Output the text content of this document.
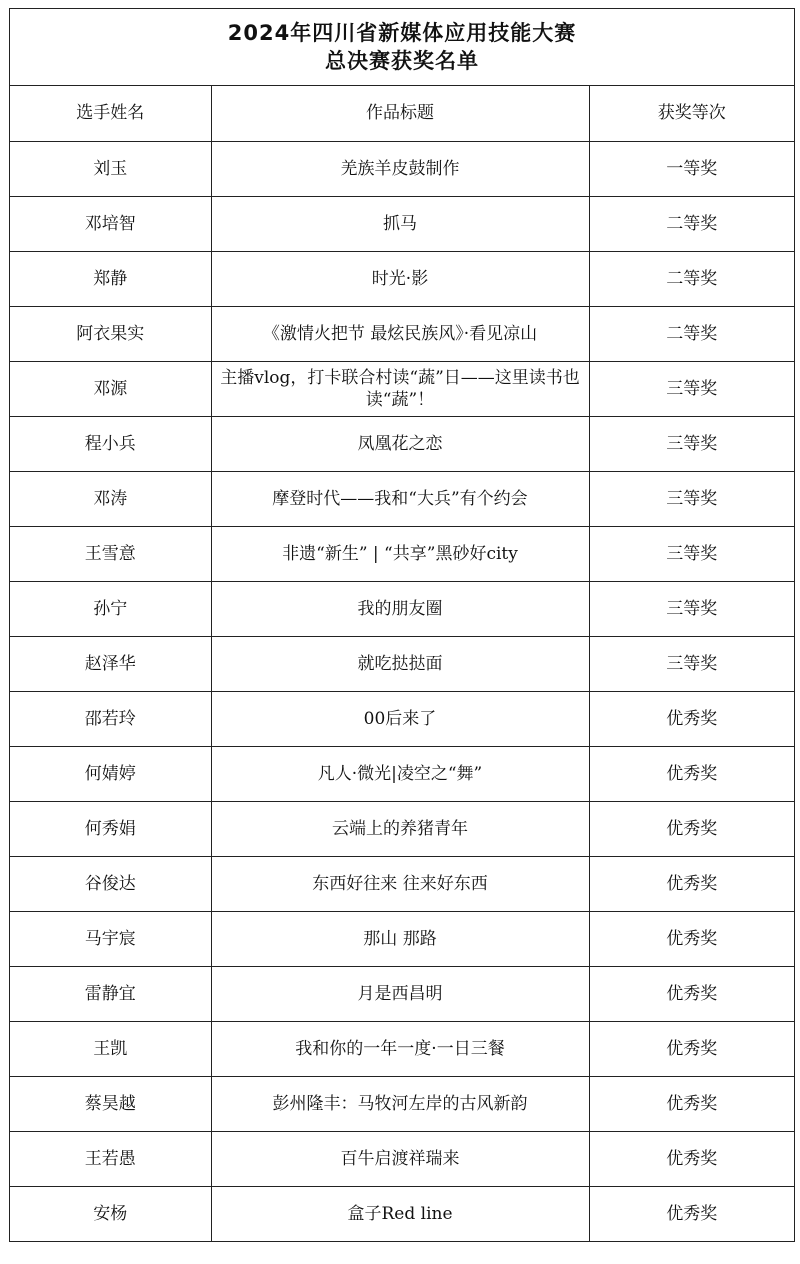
2024年四川省新媒体应用技能大赛
总决赛获奖名单
选手姓名	作品标题	获奖等次
刘玉	羌族羊皮鼓制作	一等奖
邓培智	抓马	二等奖
郑静	时光·影	二等奖
阿衣果实	《激情火把节 最炫民族风》·看见凉山	二等奖
邓源	主播vlog，打卡联合村读“蔬”日——这里读书也读“蔬”！	三等奖
程小兵	凤凰花之恋	三等奖
邓涛	摩登时代——我和“大兵”有个约会	三等奖
王雪意	非遗“新生” | “共享”黑砂好city	三等奖
孙宁	我的朋友圈	三等奖
赵泽华	就吃挞挞面	三等奖
邵若玲	00后来了	优秀奖
何婧婷	凡人·微光|凌空之“舞”	优秀奖
何秀娟	云端上的养猪青年	优秀奖
谷俊达	东西好往来 往来好东西	优秀奖
马宇宸	那山 那路	优秀奖
雷静宜	月是西昌明	优秀奖
王凯	我和你的一年一度·一日三餐	优秀奖
蔡昊越	彭州隆丰：马牧河左岸的古风新韵	优秀奖
王若愚	百牛启渡祥瑞来	优秀奖
安杨	盒子Red line	优秀奖
